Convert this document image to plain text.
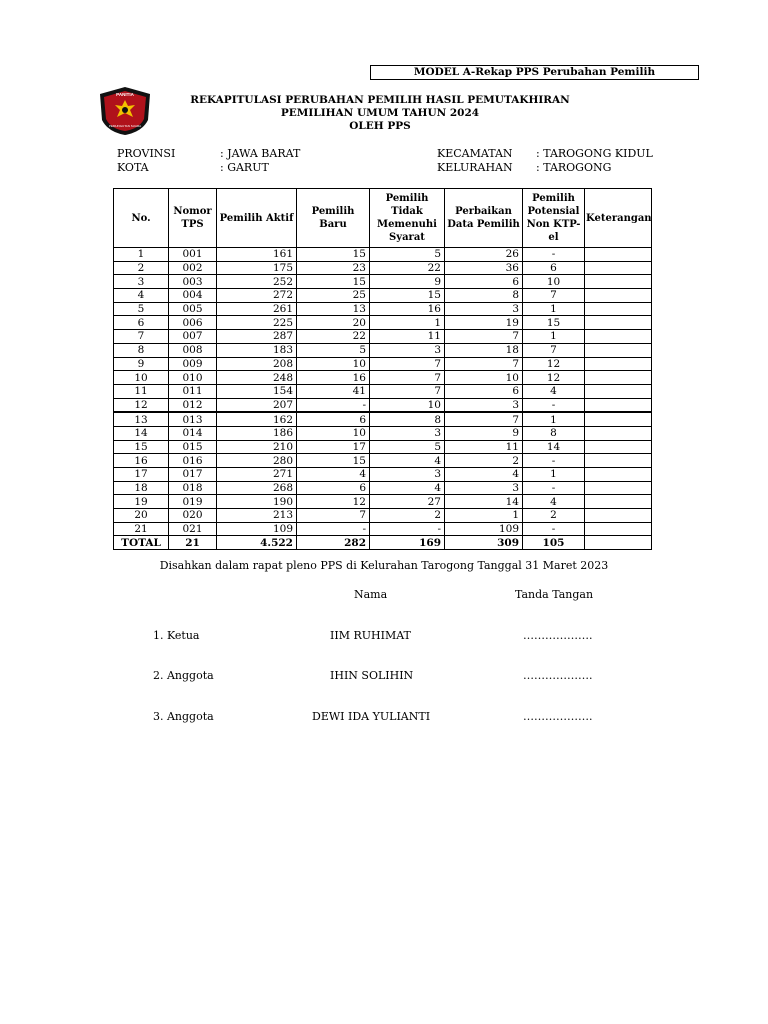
MODEL A-Rekap PPS Perubahan Pemilih
PANITIA
PEMUNGUTAN SUARA
REKAPITULASI PERUBAHAN PEMILIH HASIL PEMUTAKHIRAN
PEMILIHAN UMUM TAHUN 2024
OLEH PPS
PROVINSI	: JAWA BARAT
KOTA	: GARUT
KECAMATAN : TAROGONG KIDUL
KELURAHAN : TAROGONG
No.	Nomor TPS	Pemilih Aktif	Pemilih Baru	Pemilih Tidak Memenuhi Syarat	Perbaikan Data Pemilih	Pemilih Potensial Non KTP-el	Keterangan
1	001	161	15	5	26	-	
2	002	175	23	22	36	6	
3	003	252	15	9	6	10	
4	004	272	25	15	8	7	
5	005	261	13	16	3	1	
6	006	225	20	1	19	15	
7	007	287	22	11	7	1	
8	008	183	5	3	18	7	
9	009	208	10	7	7	12	
10	010	248	16	7	10	12	
11	011	154	41	7	6	4	
12	012	207	-	10	3	-	
13	013	162	6	8	7	1	
14	014	186	10	3	9	8	
15	015	210	17	5	11	14	
16	016	280	15	4	2	-	
17	017	271	4	3	4	1	
18	018	268	6	4	3	-	
19	019	190	12	27	14	4	
20	020	213	7	2	1	2	
21	021	109	-	-	109	-	
TOTAL	21	4.522	282	169	309	105	
Disahkan dalam rapat pleno PPS di Kelurahan Tarogong Tanggal 31 Maret 2023
Nama	Tanda Tangan
1. Ketua	IIM RUHIMAT	……………….
2. Anggota	IHIN SOLIHIN	……………….
3. Anggota	DEWI IDA YULIANTI	……………….
